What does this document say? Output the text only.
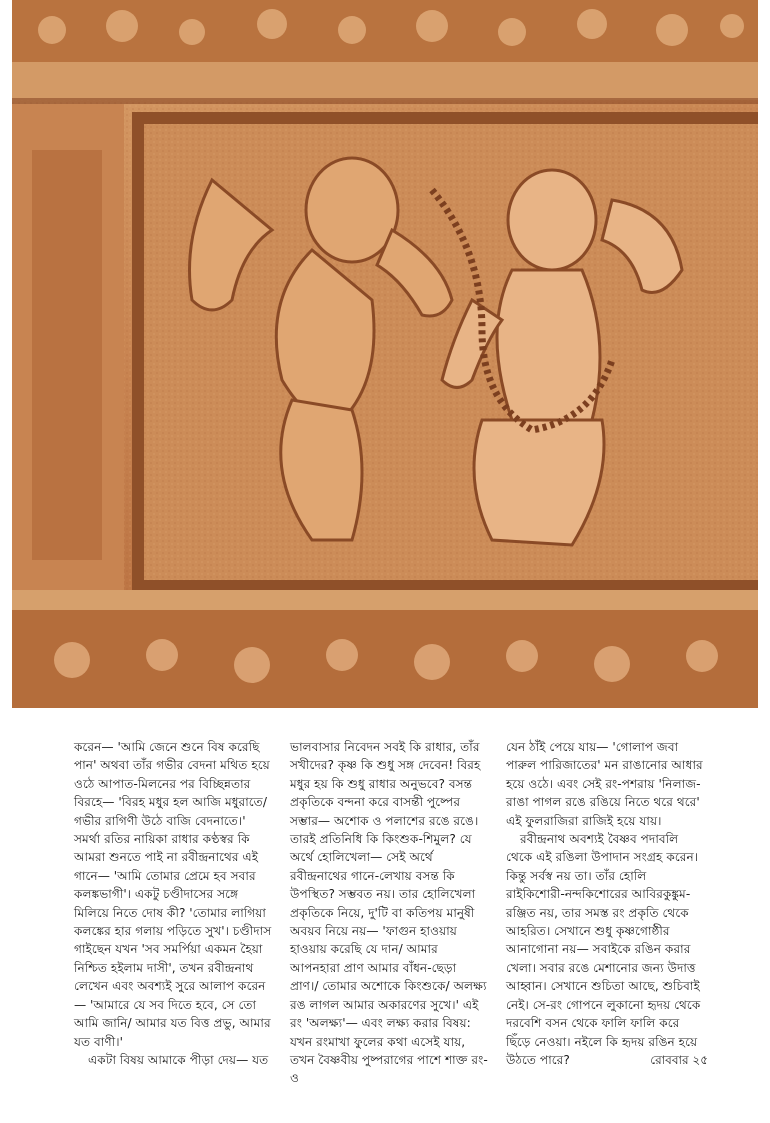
করেন— 'আমি জেনে শুনে বিষ করেছি পান' অথবা তাঁর গভীর বেদনা মথিত হয়ে ওঠে আপাত-মিলনের পর বিচ্ছিন্নতার বিরহে— 'বিরহ মধুর হল আজি মধুরাতে/ গভীর রাগিণী উঠে বাজি বেদনাতে।' সমর্থা রতির নায়িকা রাধার কণ্ঠস্বর কি আমরা শুনতে পাই না রবীন্দ্রনাথের এই গানে— 'আমি তোমার প্রেমে হব সবার কলঙ্কভাগী'। একটু চণ্ডীদাসের সঙ্গে মিলিয়ে নিতে দোষ কী? 'তোমার লাগিয়া কলঙ্কের হার গলায় পড়িতে সুখ'। চণ্ডীদাস গাইছেন যখন 'সব সমর্পিয়া একমন হৈয়া নিশ্চিত হইলাম দাসী', তখন রবীন্দ্রনাথ লেখেন এবং অবশ্যই সুরে আলাপ করেন— 'আমারে যে সব দিতে হবে, সে তো আমি জানি/ আমার যত বিত্ত প্রভু, আমার যত বাণী।'

একটা বিষয় আমাকে পীড়া দেয়— যত

ভালবাসার নিবেদন সবই কি রাধার, তাঁর সখীদের? কৃষ্ণ কি শুধু সঙ্গ দেবেন! বিরহ মধুর হয় কি শুধু রাধার অনুভবে? বসন্ত প্রকৃতিকে বন্দনা করে বাসন্তী পুষ্পের সম্ভার— অশোক ও পলাশের রঙে রঙে। তারই প্রতিনিধি কি কিংশুক-শিমুল? যে অর্থে হোলিখেলা— সেই অর্থে রবীন্দ্রনাথের গানে-লেখায় বসন্ত কি উপস্থিত? সম্ভবত নয়। তার হোলিখেলা প্রকৃতিকে নিয়ে, দু'টি বা কতিপয় মানুষী অবয়ব নিয়ে নয়— 'ফাগুন হাওয়ায় হাওয়ায় করেছি যে দান/ আমার আপনহারা প্রাণ আমার বাঁধন-ছেড়া প্রাণ।/ তোমার অশোকে কিংশুকে/ অলক্ষ্য রঙ লাগল আমার অকারণের সুখে।' এই রং 'অলক্ষ্য'— এবং লক্ষ্য করার বিষয়: যখন রংমাখা ফুলের কথা এসেই যায়, তখন বৈষ্ণবীয় পুষ্পরাগের পাশে শাক্ত রং-ও

যেন ঠাঁই পেয়ে যায়— 'গোলাপ জবা পারুল পারিজাতের' মন রাঙানোর আধার হয়ে ওঠে। এবং সেই রং-পশরায় 'নিলাজ-রাঙা পাগল রঙে রঙিয়ে নিতে থরে থরে' এই ফুলরাজিরা রাজিই হয়ে যায়।

রবীন্দ্রনাথ অবশ্যই বৈষ্ণব পদাবলি থেকে এই রঙিলা উপাদান সংগ্রহ করেন। কিন্তু সর্বস্ব নয় তা। তাঁর হোলি রাইকিশোরী-নন্দকিশোরের আবিরকুঙ্কুম-রঞ্জিত নয়, তার সমস্ত রং প্রকৃতি থেকে আহরিত। সেখানে শুধু কৃষ্ণগোষ্ঠীর আনাগোনা নয়— সবাইকে রঙিন করার খেলা। সবার রঙে মেশানোর জন্য উদাত্ত আহ্বান। সেখানে শুচিতা আছে, শুচিবাই নেই। সে-রং গোপনে লুকানো হৃদয় থেকে দরবেশি বসন থেকে ফালি ফালি করে ছিঁড়ে নেওয়া। নইলে কি হৃদয় রঙিন হয়ে উঠতে পারে?	রোববার ২৫
